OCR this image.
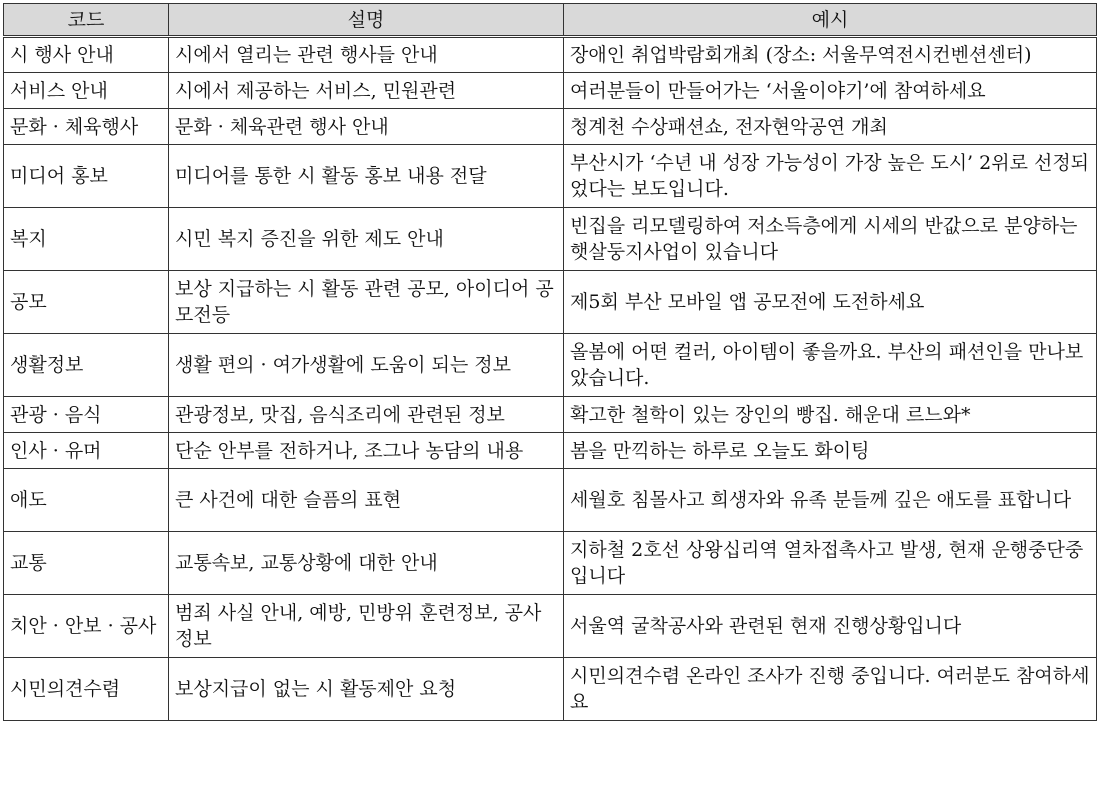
코드	설명	예시
시 행사 안내	시에서 열리는 관련 행사들 안내	장애인 취업박람회개최 (장소: 서울무역전시컨벤션센터)
서비스 안내	시에서 제공하는 서비스, 민원관련	여러분들이 만들어가는 ‘서울이야기’에 참여하세요
문화 · 체육행사	문화 · 체육관련 행사 안내	청계천 수상패션쇼, 전자현악공연 개최
미디어 홍보	미디어를 통한 시 활동 홍보 내용 전달	부산시가 ‘수년 내 성장 가능성이 가장 높은 도시’ 2위로 선정되었다는 보도입니다.
복지	시민 복지 증진을 위한 제도 안내	빈집을 리모델링하여 저소득층에게 시세의 반값으로 분양하는 햇살둥지사업이 있습니다
공모	보상 지급하는 시 활동 관련 공모, 아이디어 공모전등	제5회 부산 모바일 앱 공모전에 도전하세요
생활정보	생활 편의 · 여가생활에 도움이 되는 정보	올봄에 어떤 컬러, 아이템이 좋을까요. 부산의 패션인을 만나보았습니다.
관광 · 음식	관광정보, 맛집, 음식조리에 관련된 정보	확고한 철학이 있는 장인의 빵집. 해운대 르느와*
인사 · 유머	단순 안부를 전하거나, 조그나 농담의 내용	봄을 만끽하는 하루로 오늘도 화이팅
애도	큰 사건에 대한 슬픔의 표현	세월호 침몰사고 희생자와 유족 분들께 깊은 애도를 표합니다
교통	교통속보, 교통상황에 대한 안내	지하철 2호선 상왕십리역 열차접촉사고 발생, 현재 운행중단중입니다
치안 · 안보 · 공사	범죄 사실 안내, 예방, 민방위 훈련정보, 공사 정보	서울역 굴착공사와 관련된 현재 진행상황입니다
시민의견수렴	보상지급이 없는 시 활동제안 요청	시민의견수렴 온라인 조사가 진행 중입니다. 여러분도 참여하세요
